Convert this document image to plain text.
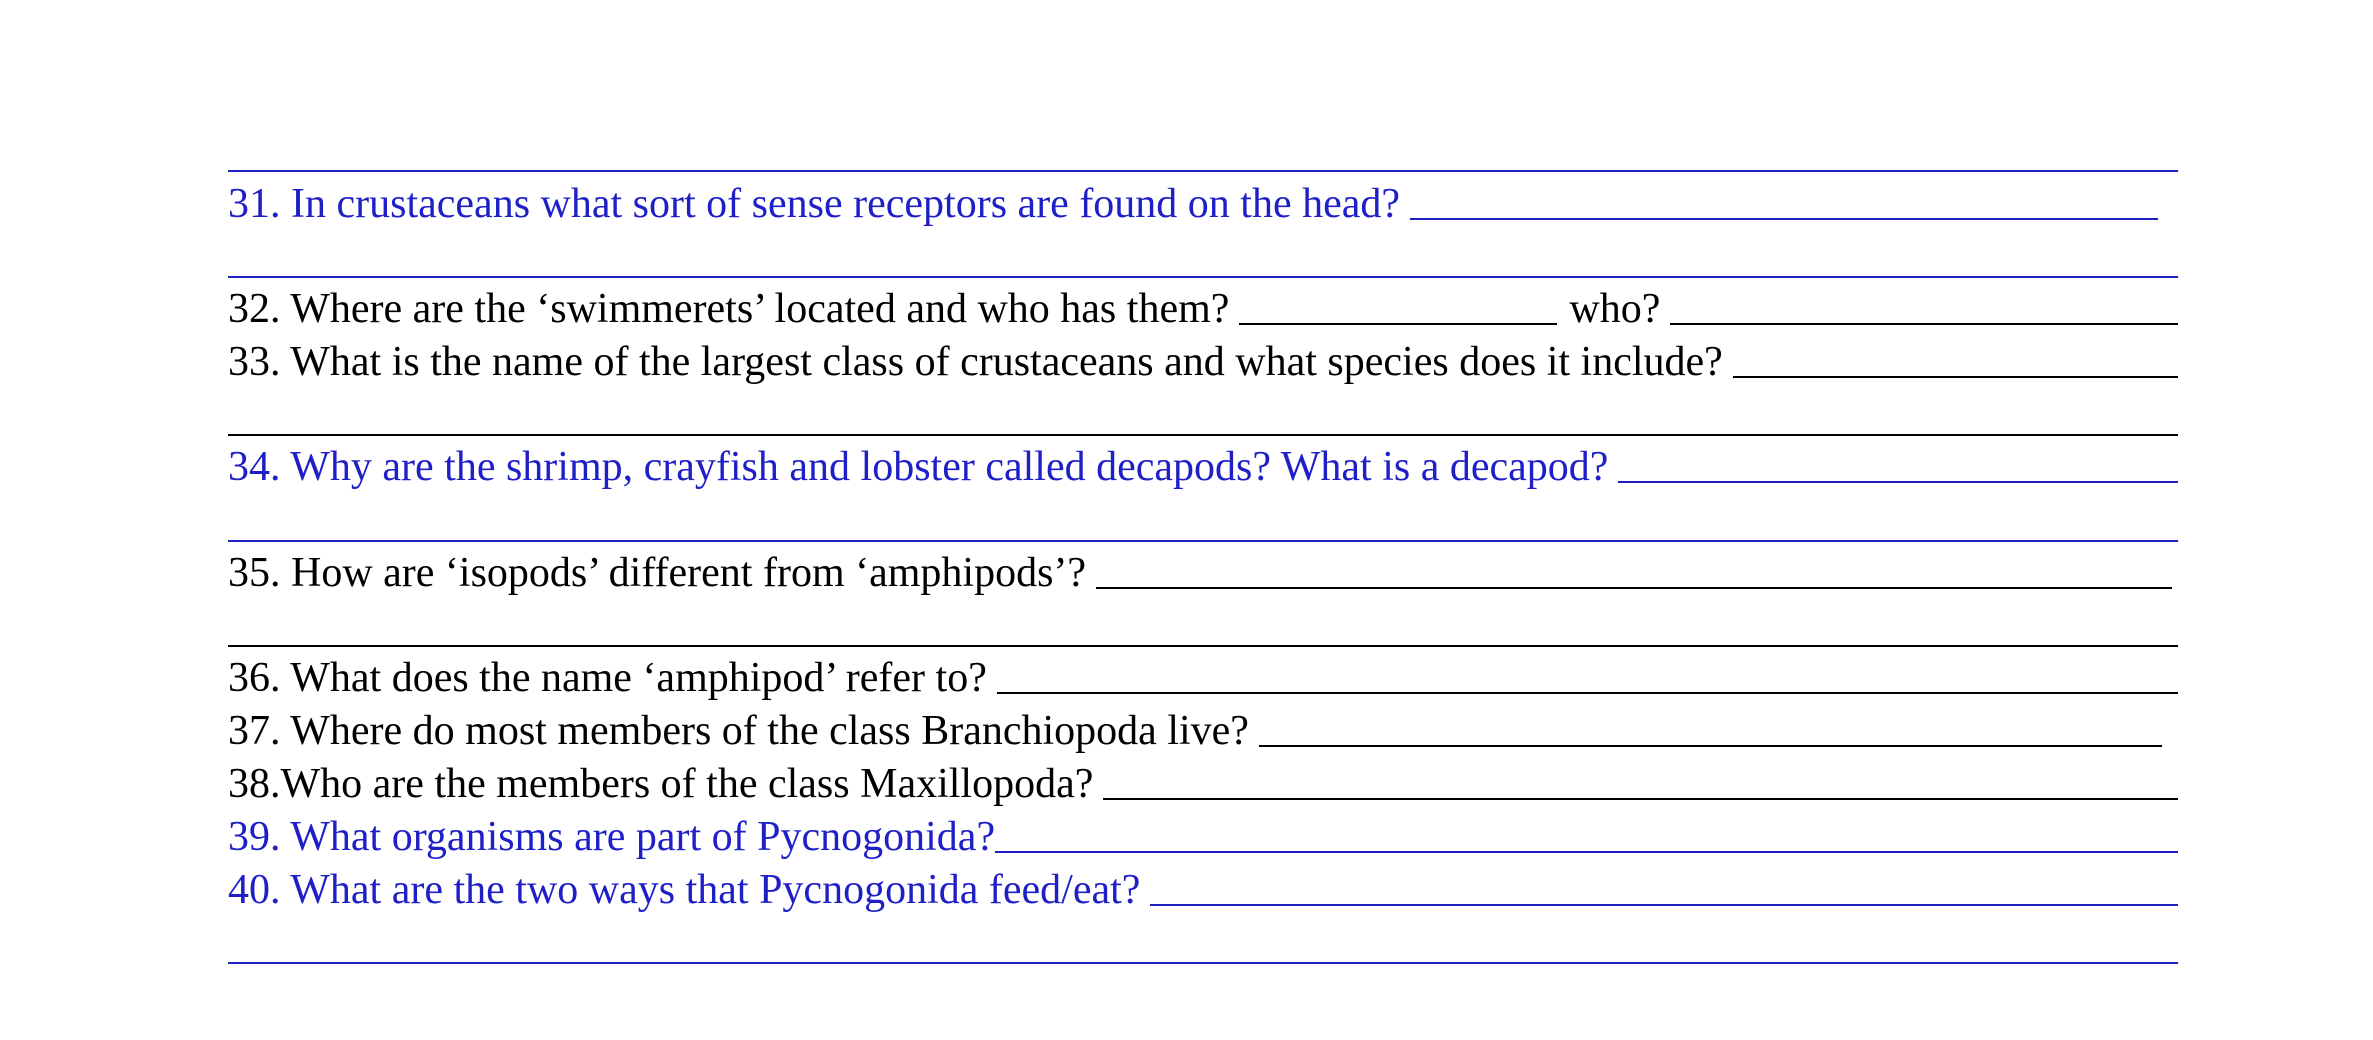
31. In crustaceans what sort of sense receptors are found on the head?
32. Where are the ‘swimmerets’ located and who has them?	who?
33. What is the name of the largest class of crustaceans and what species does it include?
34. Why are the shrimp, crayfish and lobster called decapods? What is a decapod?
35. How are ‘isopods’ different from ‘amphipods’?
36. What does the name ‘amphipod’ refer to?
37. Where do most members of the class Branchiopoda live?
38.Who are the members of the class Maxillopoda?
39. What organisms are part of Pycnogonida?
40. What are the two ways that Pycnogonida feed/eat?
